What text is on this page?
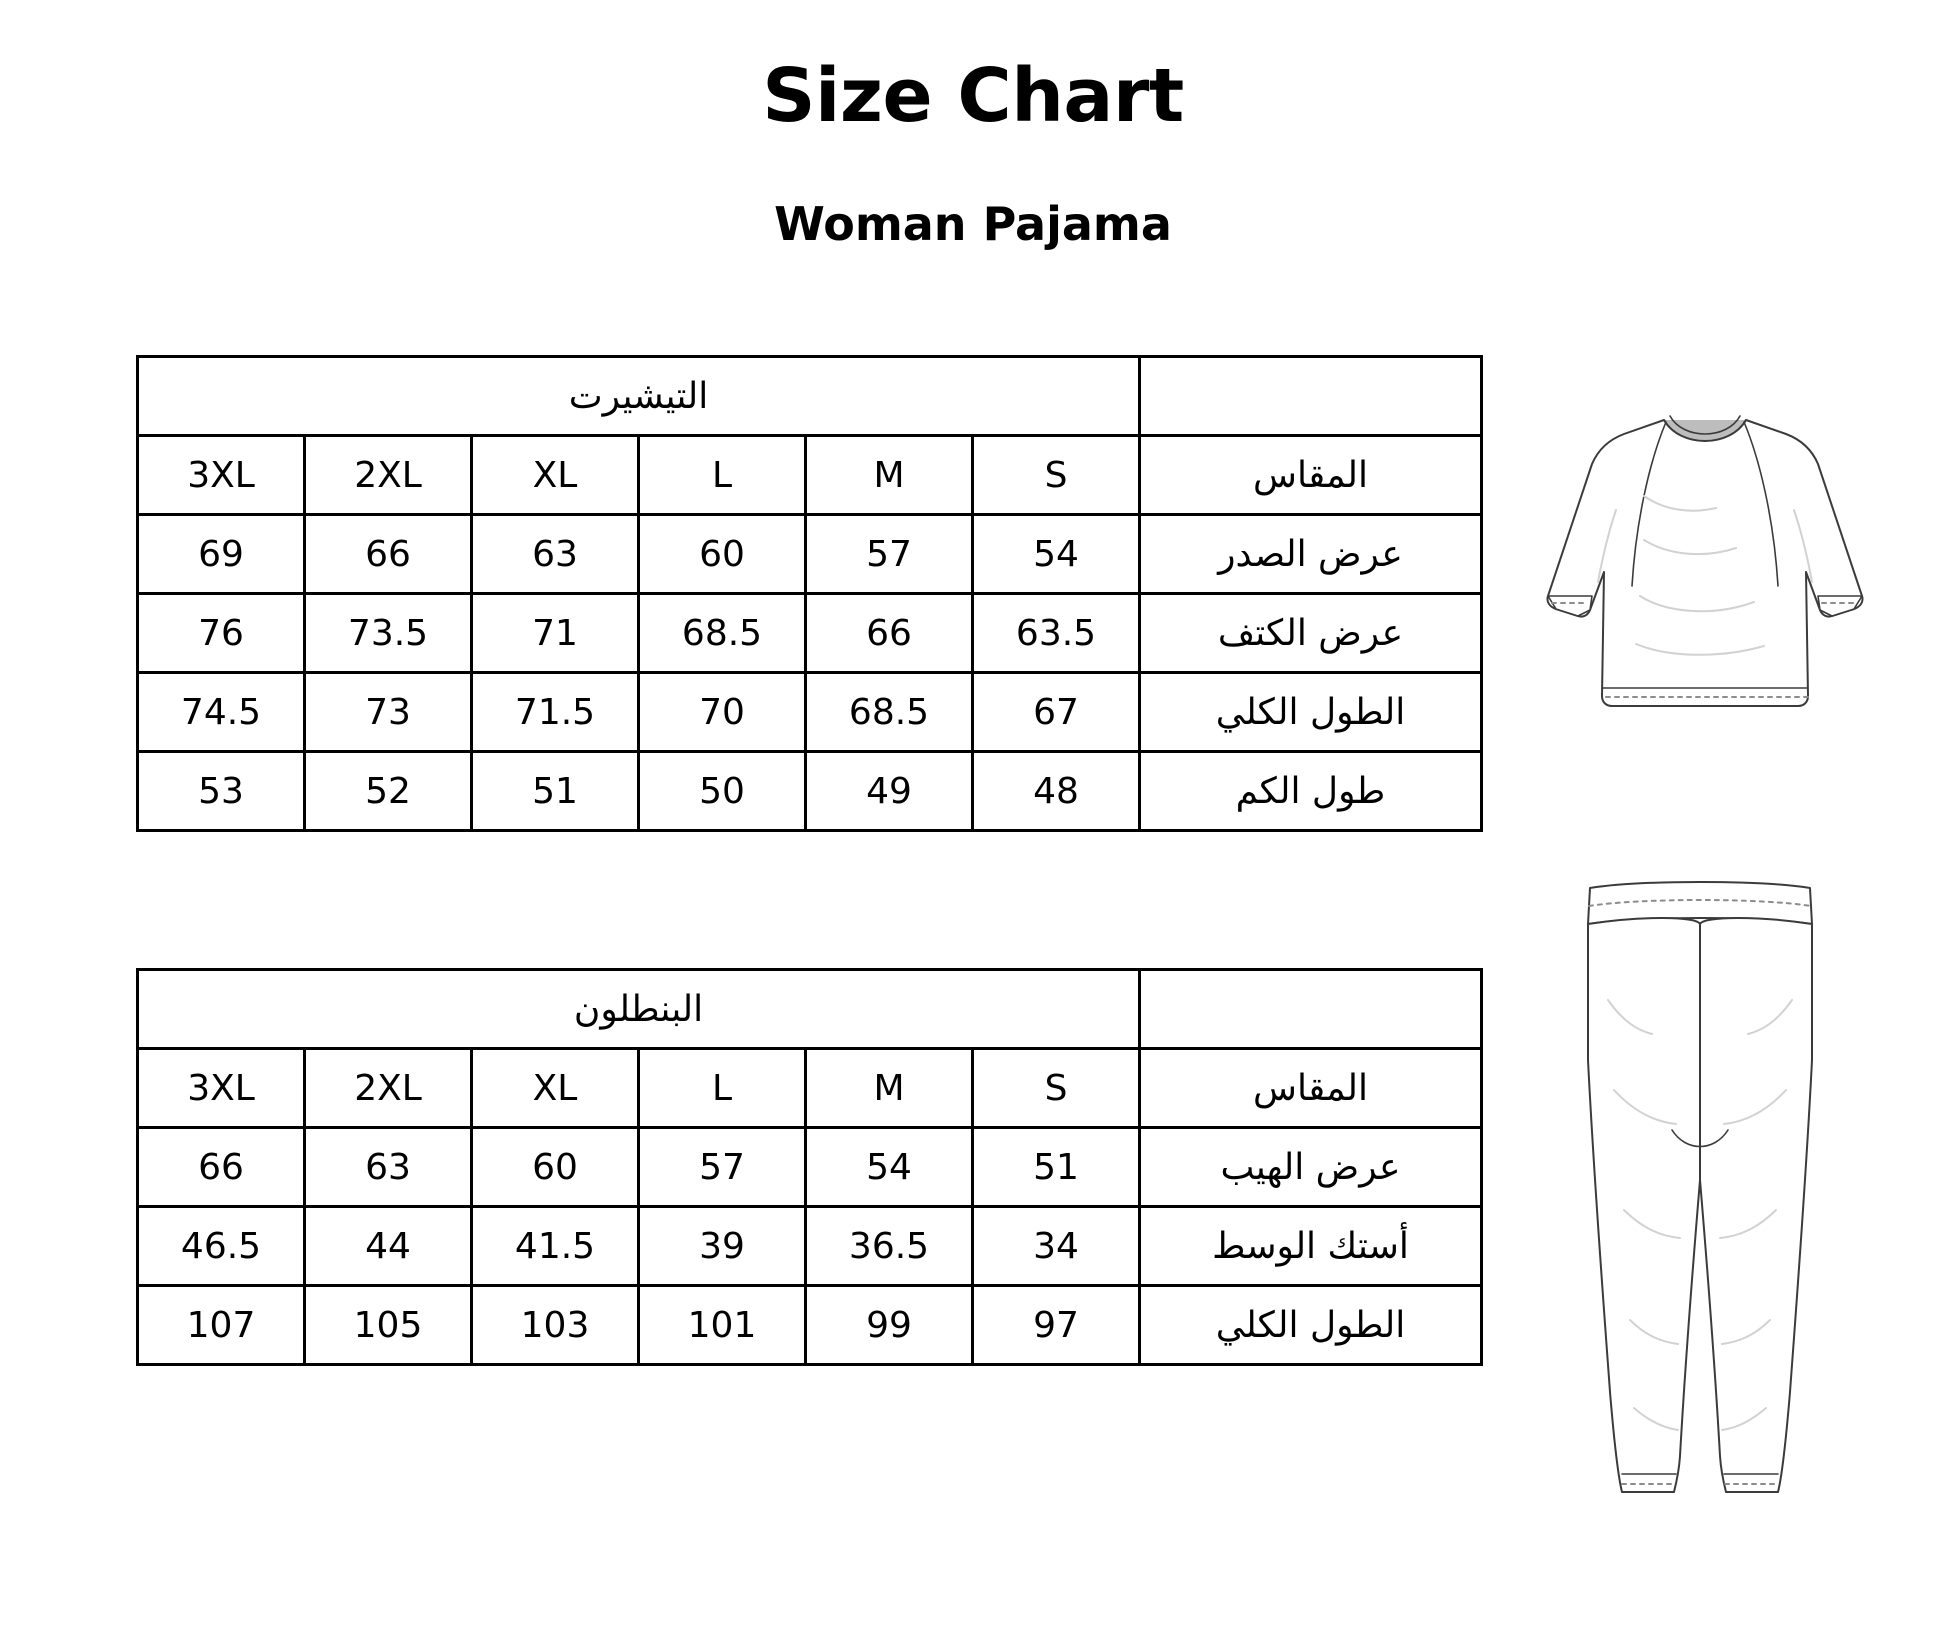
Size Chart
Woman Pajama
التيشيرت						
3XL	2XL	XL	L	M	S	المقاس
69	66	63	60	57	54	عرض الصدر
76	73.5	71	68.5	66	63.5	عرض الكتف
74.5	73	71.5	70	68.5	67	الطول الكلي
53	52	51	50	49	48	طول الكم
البنطلون						
3XL	2XL	XL	L	M	S	المقاس
66	63	60	57	54	51	عرض الهيب
46.5	44	41.5	39	36.5	34	أستك الوسط
107	105	103	101	99	97	الطول الكلي
